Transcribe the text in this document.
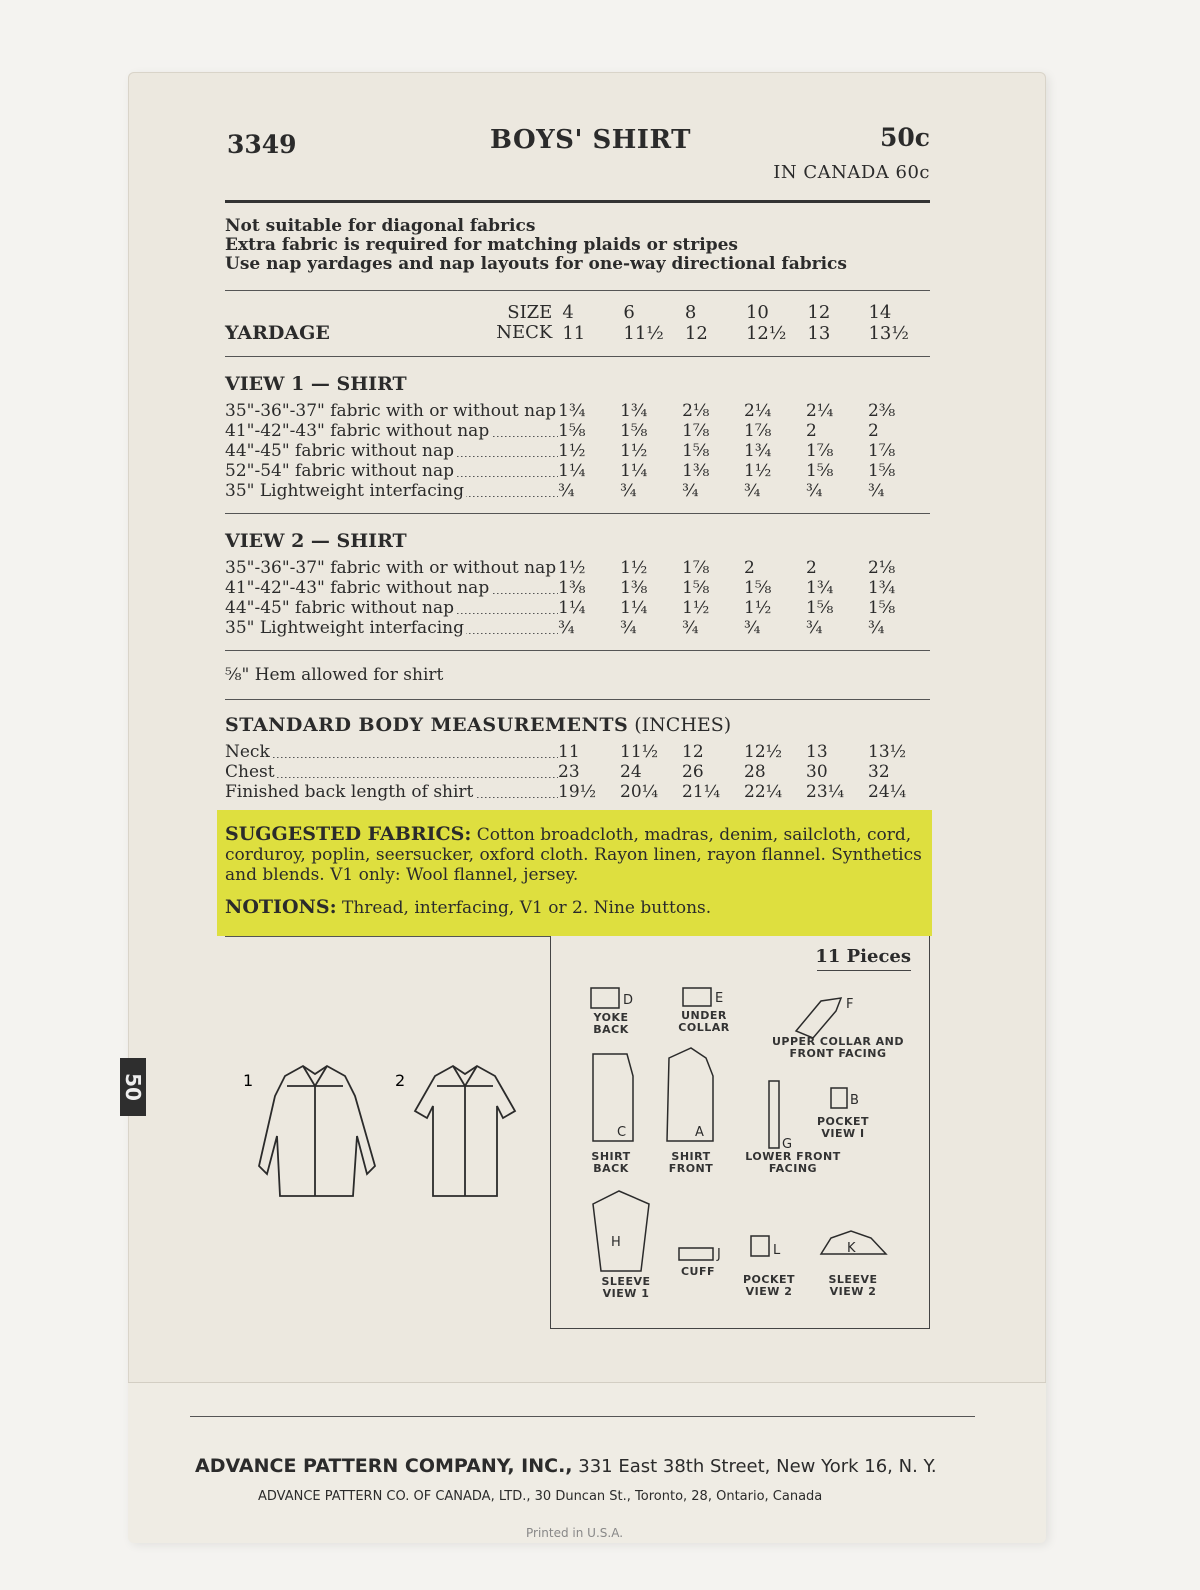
50
3349	BOYS' SHIRT	50c
IN CANADA 60c
Not suitable for diagonal fabrics
Extra fabric is required for matching plaids or stripes
Use nap yardages and nap layouts for one-way directional fabrics
SIZE	4	6	8	10	12	14
YARDAGE NECK	11	11½	12	12½	13	13½
VIEW 1 — SHIRT
35"-36"-37" fabric with or without nap	1¾	1¾	2⅛	2¼	2¼	2⅜
41"-42"-43" fabric without nap	1⅝	1⅝	1⅞	1⅞	2	2
44"-45" fabric without nap	1½	1½	1⅝	1¾	1⅞	1⅞
52"-54" fabric without nap	1¼	1¼	1⅜	1½	1⅝	1⅝
35" Lightweight interfacing	¾	¾	¾	¾	¾	¾
VIEW 2 — SHIRT
35"-36"-37" fabric with or without nap	1½	1½	1⅞	2	2	2⅛
41"-42"-43" fabric without nap	1⅜	1⅜	1⅝	1⅝	1¾	1¾
44"-45" fabric without nap	1¼	1¼	1½	1½	1⅝	1⅝
35" Lightweight interfacing	¾	¾	¾	¾	¾	¾
⅝" Hem allowed for shirt
STANDARD BODY MEASUREMENTS (INCHES)
Neck	11	11½	12	12½	13	13½
Chest	23	24	26	28	30	32
Finished back length of shirt	19½	20¼	21¼	22¼	23¼	24¼
SUGGESTED FABRICS: Cotton broadcloth, madras, denim, sailcloth, cord, corduroy, poplin, seersucker, oxford cloth. Rayon linen, rayon flannel. Synthetics and blends. V1 only: Wool flannel, jersey.
NOTIONS: Thread, interfacing, V1 or 2. Nine buttons.
1	2
11 Pieces
D	E	F
B
C	A
G
H
J	L	K
YOKE BACK
UNDER COLLAR
UPPER COLLAR AND FRONT FACING
POCKET VIEW I
SHIRT BACK
SHIRT FRONT
LOWER FRONT FACING
SLEEVE VIEW 1
CUFF
POCKET VIEW 2
SLEEVE VIEW 2
ADVANCE PATTERN COMPANY, INC., 331 East 38th Street, New York 16, N. Y.
ADVANCE PATTERN CO. OF CANADA, LTD., 30 Duncan St., Toronto, 28, Ontario, Canada
Printed in U.S.A.
